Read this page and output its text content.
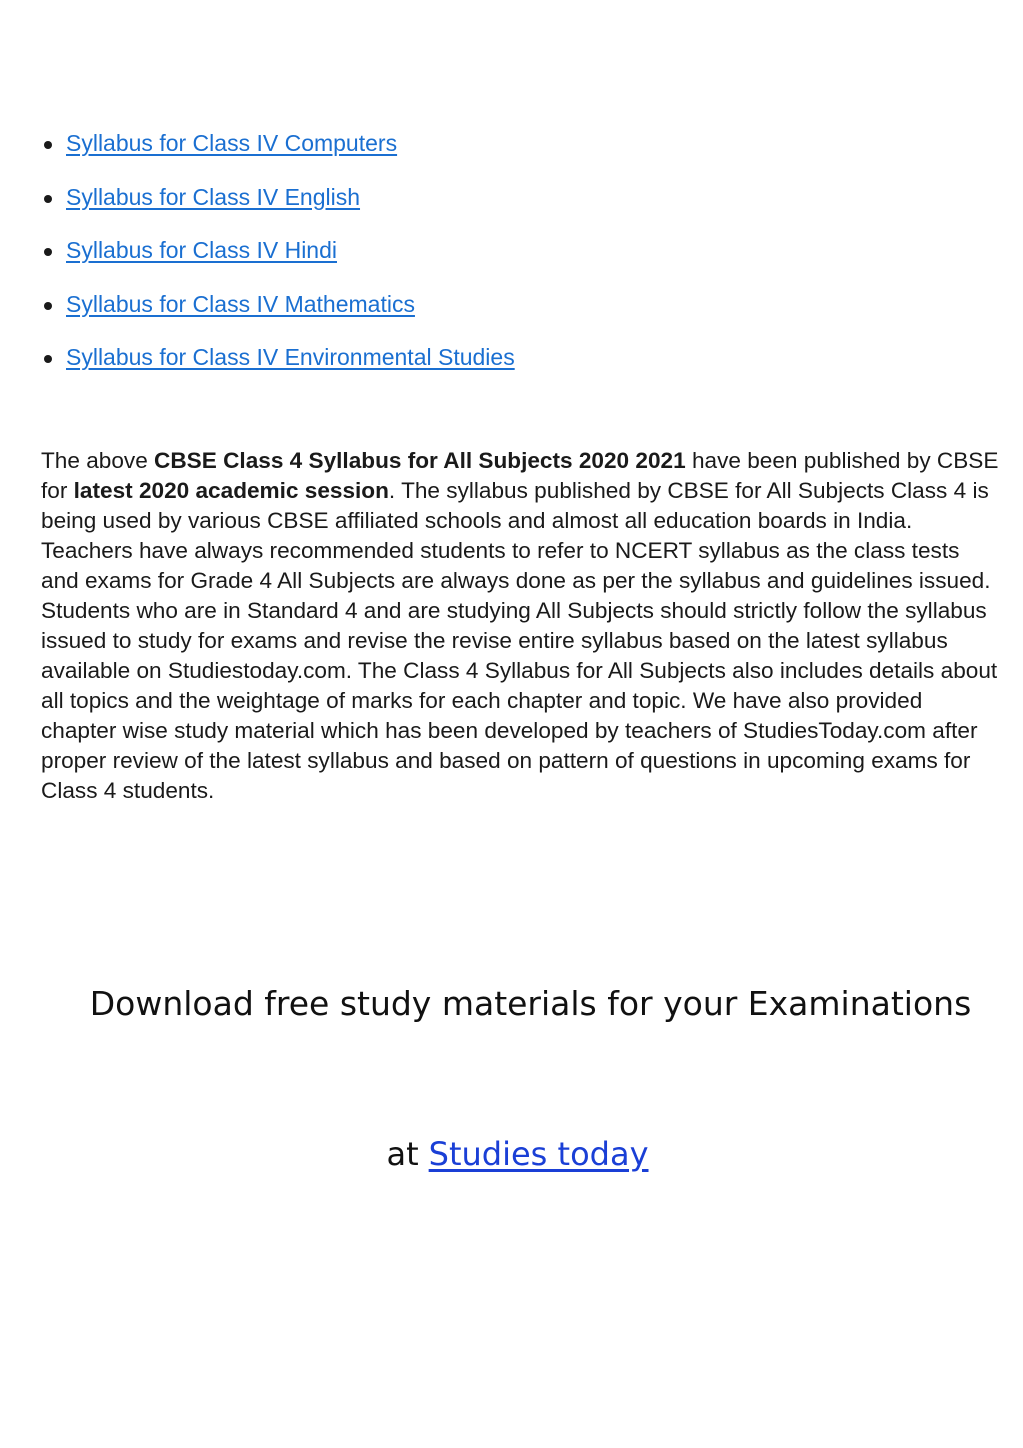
Syllabus for Class IV Computers
Syllabus for Class IV English
Syllabus for Class IV Hindi
Syllabus for Class IV Mathematics
Syllabus for Class IV Environmental Studies

The above CBSE Class 4 Syllabus for All Subjects 2020 2021 have been published by CBSE for latest 2020 academic session. The syllabus published by CBSE for All Subjects Class 4 is being used by various CBSE affiliated schools and almost all education boards in India. Teachers have always recommended students to refer to NCERT syllabus as the class tests and exams for Grade 4 All Subjects are always done as per the syllabus and guidelines issued. Students who are in Standard 4 and are studying All Subjects should strictly follow the syllabus issued to study for exams and revise the revise entire syllabus based on the latest syllabus available on Studiestoday.com. The Class 4 Syllabus for All Subjects also includes details about all topics and the weightage of marks for each chapter and topic. We have also provided chapter wise study material which has been developed by teachers of StudiesToday.com after proper review of the latest syllabus and based on pattern of questions in upcoming exams for Class 4 students.

Download free study materials for your Examinations

at Studies today
